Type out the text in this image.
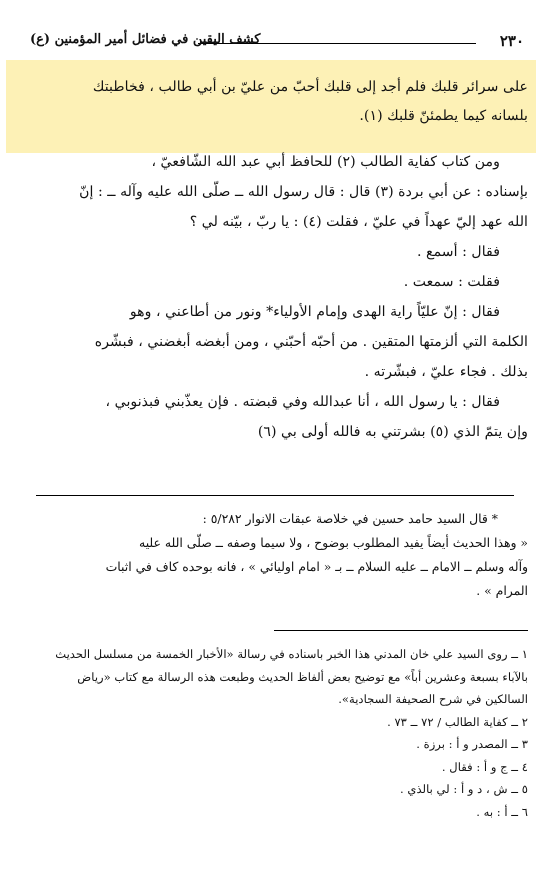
٢٣٠
كشف اليقين في فضائل أمير المؤمنين (ع)
على سرائر قلبك فلم أجد إلى قلبك أحبّ من عليّ بن أبي طالب ، فخاطبتك
بلسانه كيما يطمئنّ قلبك (١).
ومن كتاب كفاية الطالب (٢) للحافظ أبي عبد الله الشّافعيّ ،
بإسناده : عن أبي بردة (٣) قال : قال رسول الله ــ صلّى الله عليه وآله ــ : إنّ
الله عهد إليّ عهداً في عليّ ، فقلت (٤) : يا ربّ ، بيّنه لي ؟
فقال : أسمع .
فقلت : سمعت .
فقال : إنّ عليّاً راية الهدى وإمام الأولياء* ونور من أطاعني ، وهو
الكلمة التي ألزمتها المتقين . من أحبّه أحبّني ، ومن أبغضه أبغضني ، فبشّره
بذلك . فجاء عليّ ، فبشّرته .
فقال : يا رسول الله ، أنا عبدالله وفي قبضته . فإن يعذّبني فبذنوبي ،
وإن يتمّ الذي (٥) بشرتني به فالله أولى بي (٦)
* قال السيد حامد حسين في خلاصة عبقات الانوار ٥/٢٨٢ :
« وهذا الحديث أيضاً يفيد المطلوب بوضوح ، ولا سيما وصفه ــ صلّى الله عليه
وآله وسلم ــ الامام ــ عليه السلام ــ بـ « امام اوليائي » ، فانه بوحده كاف في اثبات
المرام » .
١ ــ روى السيد علي خان المدني هذا الخبر باسناده في رسالة «الأخبار الخمسة من مسلسل الحديث
بالآباء بسبعة وعشرين أباً» مع توضيح بعض ألفاظ الحديث وطبعت هذه الرسالة مع كتاب «رياض
السالكين في شرح الصحيفة السجادية».
٢ ــ كفاية الطالب / ٧٢ ــ ٧٣ .
٣ ــ المصدر و أ : برزة .
٤ ــ ج و أ : فقال .
٥ ــ ش ، د و أ : لي بالذي .
٦ ــ أ : به .
